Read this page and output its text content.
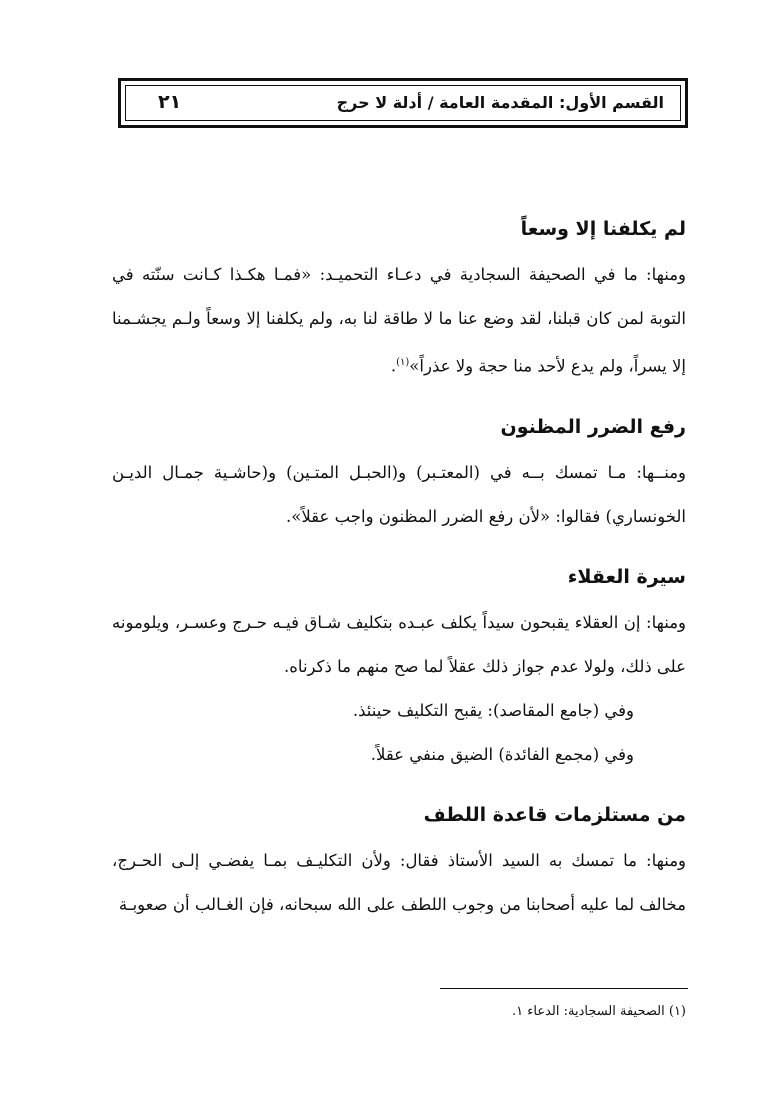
القسم الأول: المقدمة العامة / أدلة لا حرج
٢١
لم يكلفنا إلا وسعاً

ومنها: ما في الصحيفة السجادية في دعـاء التحميـد: «فمـا هكـذا كـانت سنّته في التوبة لمن كان قبلنا، لقد وضع عنا ما لا طاقة لنا به، ولم يكلفنا إلا وسعاً ولـم يجشـمنا إلا يسراً، ولم يدع لأحد منا حجة ولا عذراً»$^{(١)}$.

رفع الضرر المظنون

ومنــها: مـا تمسك بــه في (المعتـبر) و(الحبـل المتـين) و(حاشـية جمـال الديـن الخونساري) فقالوا: «لأن رفع الضرر المظنون واجب عقلاً».

سيرة العقلاء

ومنها: إن العقلاء يقبحون سيداً يكلف عبـده بتكليف شـاق فيـه حـرج وعسـر، ويلومونه على ذلك، ولولا عدم جواز ذلك عقلاً لما صح منهم ما ذكرناه.

وفي (جامع المقاصد): يقبح التكليف حينئذ.

وفي (مجمع الفائدة) الضيق منفي عقلاً.

من مستلزمات قاعدة اللطف

ومنها: ما تمسك به السيد الأستاذ فقال: ولأن التكليـف بمـا يفضـي إلـى الحـرج، مخالف لما عليه أصحابنا من وجوب اللطف على الله سبحانه، فإن الغـالب أن صعوبـة

(١) الصحيفة السجادية: الدعاء ١.
